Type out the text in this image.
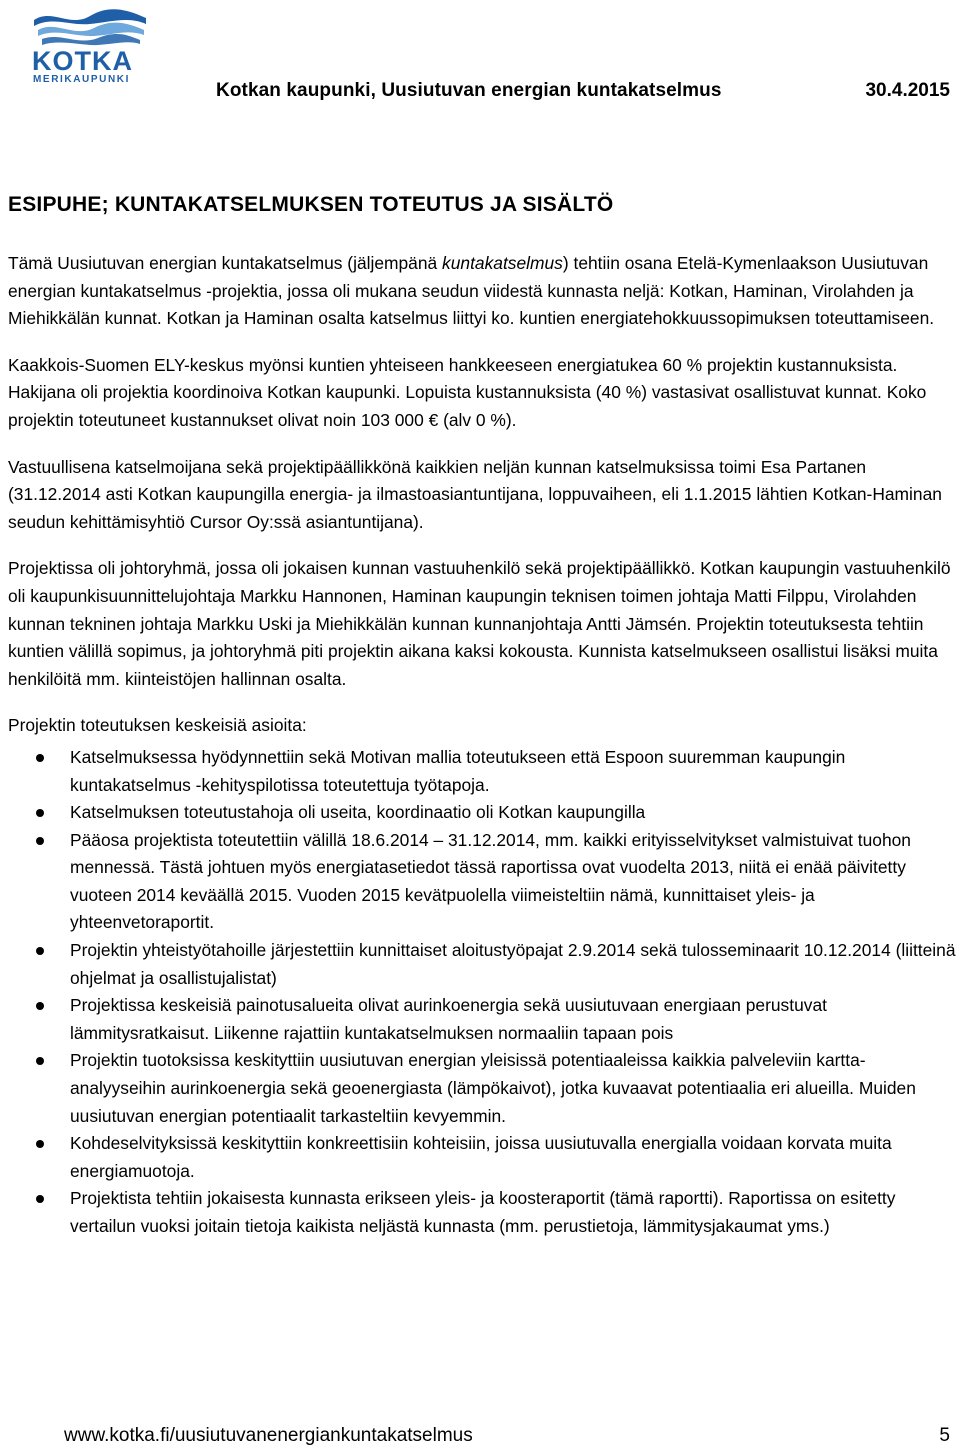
KOTKA
MERIKAUPUNKI
Kotkan kaupunki, Uusiutuvan energian kuntakatselmus	30.4.2015
ESIPUHE; KUNTAKATSELMUKSEN TOTEUTUS JA SISÄLTÖ

Tämä Uusiutuvan energian kuntakatselmus (jäljempänä kuntakatselmus) tehtiin osana Etelä-Kymenlaakson Uusiutuvan energian kuntakatselmus -projektia, jossa oli mukana seudun viidestä kunnasta neljä: Kotkan, Haminan, Virolahden ja Miehikkälän kunnat. Kotkan ja Haminan osalta katselmus liittyi ko. kuntien energiatehokkuussopimuksen toteuttamiseen.

Kaakkois-Suomen ELY-keskus myönsi kuntien yhteiseen hankkeeseen energiatukea 60 % projektin kustannuksista. Hakijana oli projektia koordinoiva Kotkan kaupunki. Lopuista kustannuksista (40 %) vastasivat osallistuvat kunnat. Koko projektin toteutuneet kustannukset olivat noin 103 000 € (alv 0 %).

Vastuullisena katselmoijana sekä projektipäällikkönä kaikkien neljän kunnan katselmuksissa toimi Esa Partanen (31.12.2014 asti Kotkan kaupungilla energia- ja ilmastoasiantuntijana, loppuvaiheen, eli 1.1.2015 lähtien Kotkan-Haminan seudun kehittämisyhtiö Cursor Oy:ssä asiantuntijana).

Projektissa oli johtoryhmä, jossa oli jokaisen kunnan vastuuhenkilö sekä projektipäällikkö. Kotkan kaupungin vastuuhenkilö oli kaupunkisuunnittelujohtaja Markku Hannonen, Haminan kaupungin teknisen toimen johtaja Matti Filppu, Virolahden kunnan tekninen johtaja Markku Uski ja Miehikkälän kunnan kunnanjohtaja Antti Jämsén. Projektin toteutuksesta tehtiin kuntien välillä sopimus, ja johtoryhmä piti projektin aikana kaksi kokousta. Kunnista katselmukseen osallistui lisäksi muita henkilöitä mm. kiinteistöjen hallinnan osalta.

Projektin toteutuksen keskeisiä asioita:

Katselmuksessa hyödynnettiin sekä Motivan mallia toteutukseen että Espoon suuremman kaupungin kuntakatselmus -kehityspilotissa toteutettuja työtapoja.
Katselmuksen toteutustahoja oli useita, koordinaatio oli Kotkan kaupungilla
Pääosa projektista toteutettiin välillä 18.6.2014 – 31.12.2014, mm. kaikki erityisselvitykset valmistuivat tuohon mennessä. Tästä johtuen myös energiatasetiedot tässä raportissa ovat vuodelta 2013, niitä ei enää päivitetty vuoteen 2014 keväällä 2015. Vuoden 2015 kevätpuolella viimeisteltiin nämä, kunnittaiset yleis- ja yhteenvetoraportit.
Projektin yhteistyötahoille järjestettiin kunnittaiset aloitustyöpajat 2.9.2014 sekä tulosseminaarit 10.12.2014 (liitteinä ohjelmat ja osallistujalistat)
Projektissa keskeisiä painotusalueita olivat aurinkoenergia sekä uusiutuvaan energiaan perustuvat lämmitysratkaisut. Liikenne rajattiin kuntakatselmuksen normaaliin tapaan pois
Projektin tuotoksissa keskityttiin uusiutuvan energian yleisissä potentiaaleissa kaikkia palveleviin kartta-analyyseihin aurinkoenergia sekä geoenergiasta (lämpökaivot), jotka kuvaavat potentiaalia eri alueilla. Muiden uusiutuvan energian potentiaalit tarkasteltiin kevyemmin.
Kohdeselvityksissä keskityttiin konkreettisiin kohteisiin, joissa uusiutuvalla energialla voidaan korvata muita energiamuotoja.
Projektista tehtiin jokaisesta kunnasta erikseen yleis- ja koosteraportit (tämä raportti). Raportissa on esitetty vertailun vuoksi joitain tietoja kaikista neljästä kunnasta (mm. perustietoja, lämmitysjakaumat yms.)
www.kotka.fi/uusiutuvanenergiankuntakatselmus	5
